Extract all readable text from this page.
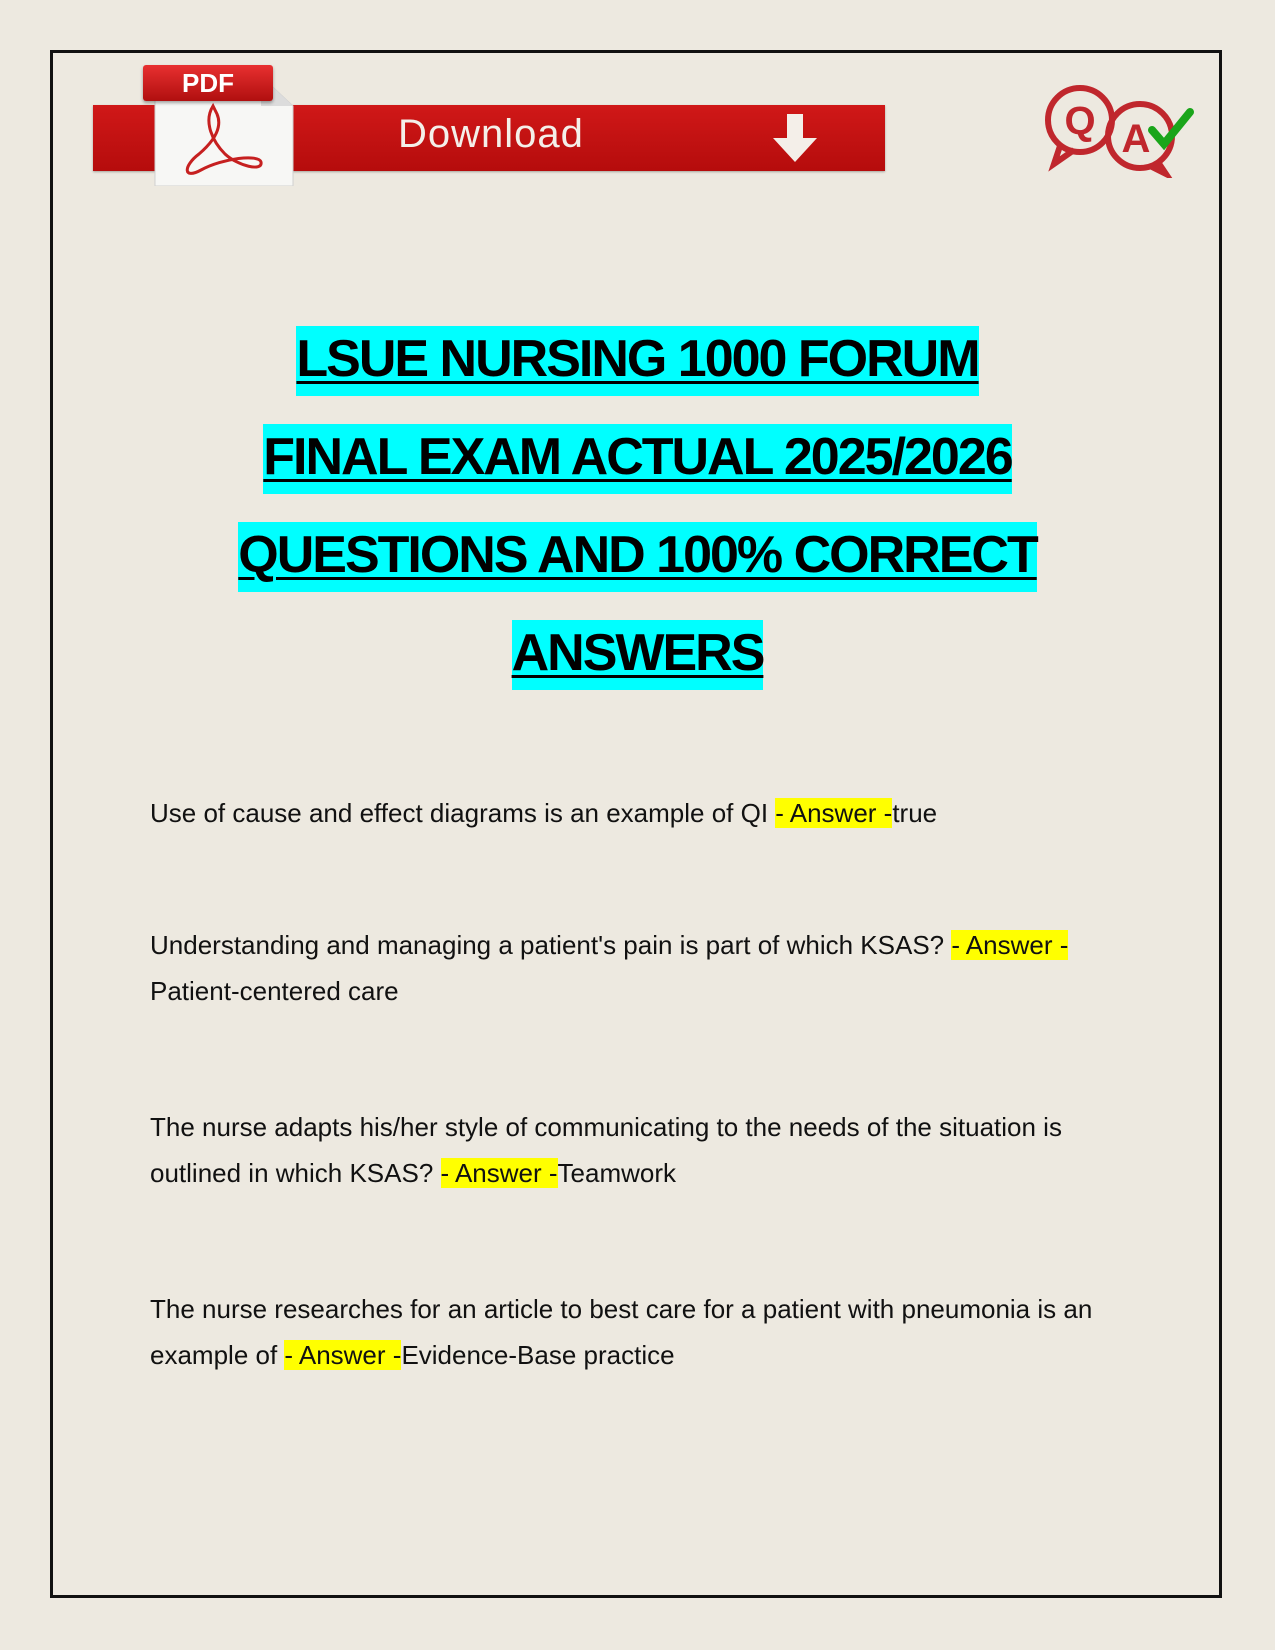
PDF
Download	Q A
LSUE NURSING 1000 FORUM
FINAL EXAM ACTUAL 2025/2026
QUESTIONS AND 100% CORRECT
ANSWERS
Use of cause and effect diagrams is an example of QI - Answer -true
Understanding and managing a patient's pain is part of which KSAS? - Answer -Patient-centered care
The nurse adapts his/her style of communicating to the needs of the situation is outlined in which KSAS? - Answer -Teamwork
The nurse researches for an article to best care for a patient with pneumonia is an example of - Answer -Evidence-Base practice
